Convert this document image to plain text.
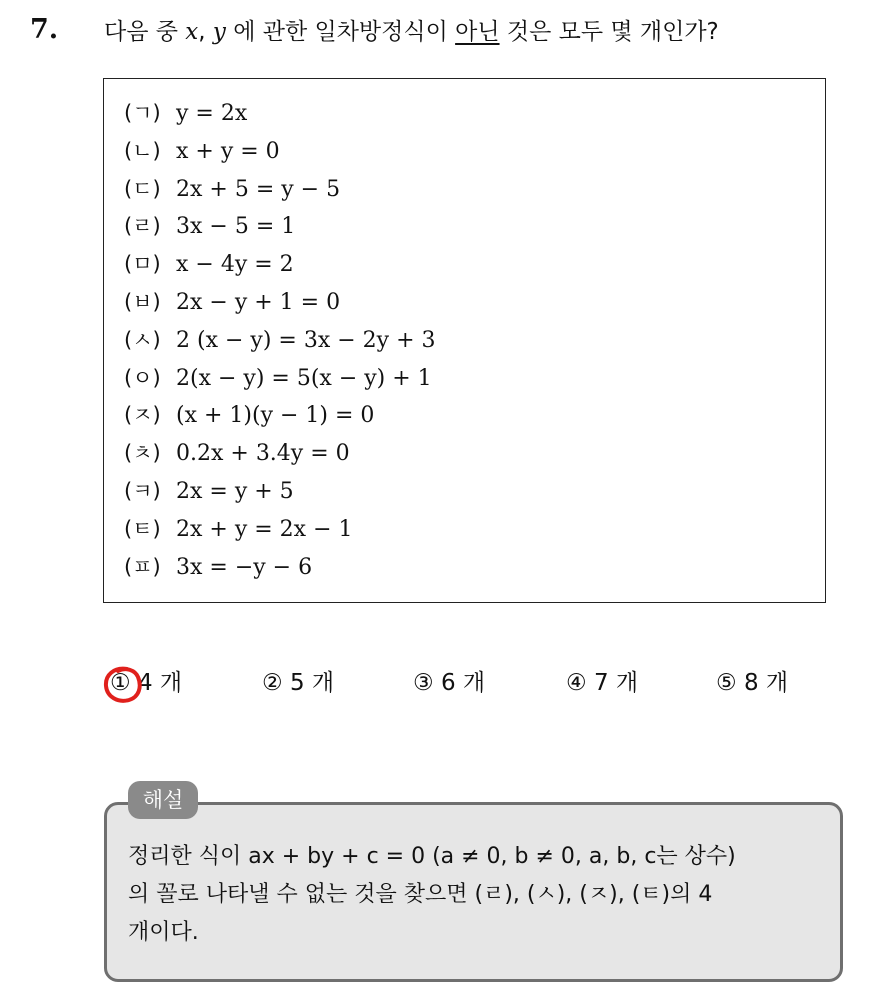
7. 다음 중 x, y 에 관한 일차방정식이 아닌 것은 모두 몇 개인가?
(ㄱ) y = 2x
(ㄴ) x + y = 0
(ㄷ) 2x + 5 = y − 5
(ㄹ) 3x − 5 = 1
(ㅁ) x − 4y = 2
(ㅂ) 2x − y + 1 = 0
(ㅅ) 2 (x − y) = 3x − 2y + 3
(ㅇ) 2(x − y) = 5(x − y) + 1
(ㅈ) (x + 1)(y − 1) = 0
(ㅊ) 0.2x + 3.4y = 0
(ㅋ) 2x = y + 5
(ㅌ) 2x + y = 2x − 1
(ㅍ) 3x = −y − 6
① 4 개	② 5 개	③ 6 개	④ 7 개	⑤ 8 개
해설
정리한 식이 ax + by + c = 0 (a ≠ 0, b ≠ 0, a, b, c는 상수)
의 꼴로 나타낼 수 없는 것을 찾으면 (ㄹ), (ㅅ), (ㅈ), (ㅌ)의 4
개이다.
